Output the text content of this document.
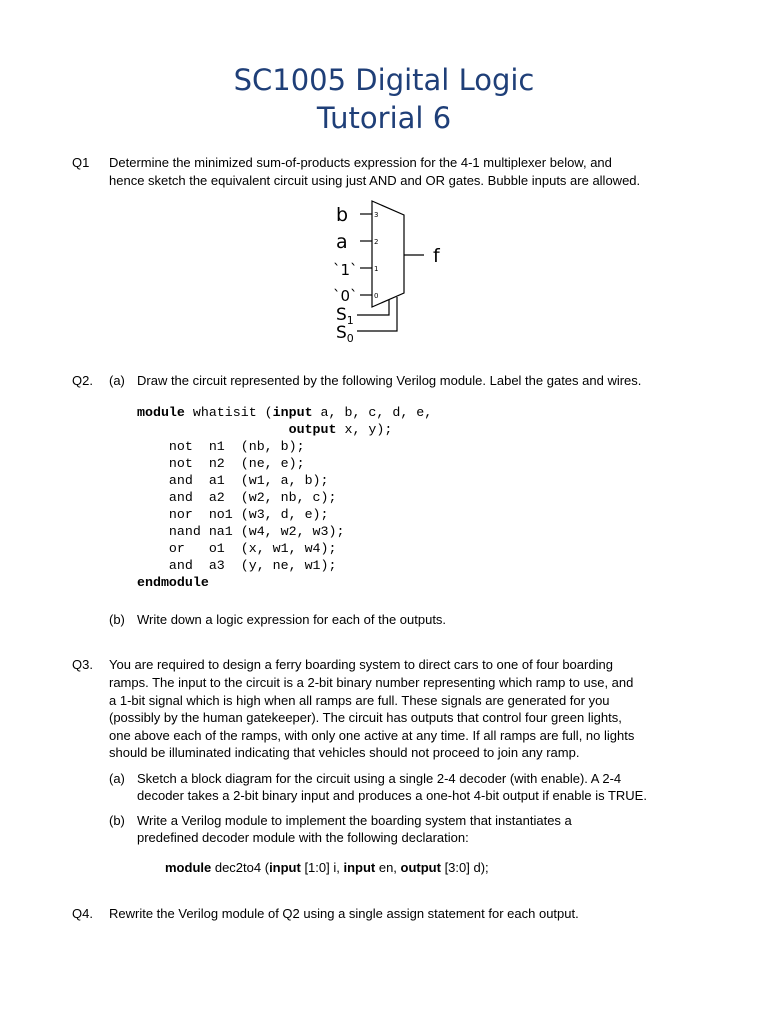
SC1005 Digital Logic
Tutorial 6
Q1 Determine the minimized sum-of-products expression for the 4-1 multiplexer below, and
hence sketch the equivalent circuit using just AND and OR gates. Bubble inputs are allowed.
b
a
`1`
`0`
3
2
1
0
f
$S_1$
$S_0$
Q2. (a) Draw the circuit represented by the following Verilog module. Label the gates and wires.
module whatisit (input a, b, c, d, e,
output x, y);
not  n1  (nb, b);
not  n2  (ne, e);
and  a1  (w1, a, b);
and  a2  (w2, nb, c);
nor  no1 (w3, d, e);
nand na1 (w4, w2, w3);
or   o1  (x, w1, w4);
and  a3  (y, ne, w1);
endmodule
(b) Write down a logic expression for each of the outputs.
Q3. You are required to design a ferry boarding system to direct cars to one of four boarding
ramps. The input to the circuit is a 2-bit binary number representing which ramp to use, and
a 1-bit signal which is high when all ramps are full. These signals are generated for you
(possibly by the human gatekeeper). The circuit has outputs that control four green lights,
one above each of the ramps, with only one active at any time. If all ramps are full, no lights
should be illuminated indicating that vehicles should not proceed to join any ramp.
(a) Sketch a block diagram for the circuit using a single 2-4 decoder (with enable). A 2-4
decoder takes a 2-bit binary input and produces a one-hot 4-bit output if enable is TRUE.
(b) Write a Verilog module to implement the boarding system that instantiates a
predefined decoder module with the following declaration:
module dec2to4 (input [1:0] i, input en, output [3:0] d);
Q4. Rewrite the Verilog module of Q2 using a single assign statement for each output.
